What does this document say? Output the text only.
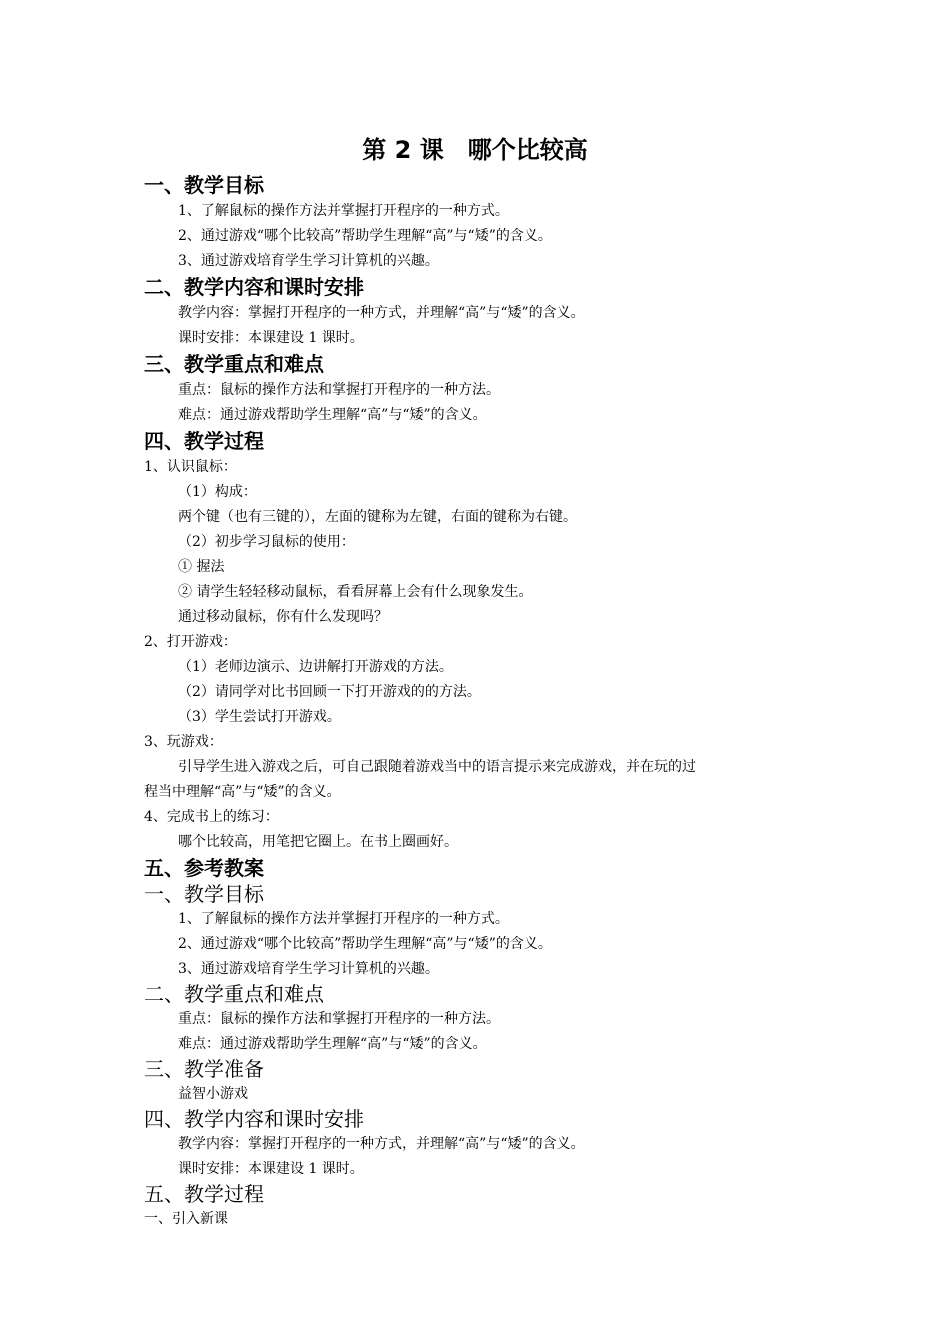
第 2 课　哪个比较高
一、教学目标
1、了解鼠标的操作方法并掌握打开程序的一种方式。
2、通过游戏“哪个比较高”帮助学生理解“高”与“矮”的含义。
3、通过游戏培育学生学习计算机的兴趣。
二、教学内容和课时安排
教学内容：掌握打开程序的一种方式，并理解“高”与“矮”的含义。
课时安排：本课建设 1 课时。
三、教学重点和难点
重点：鼠标的操作方法和掌握打开程序的一种方法。
难点：通过游戏帮助学生理解“高”与“矮”的含义。
四、教学过程
1、认识鼠标：
（1）构成：
两个键（也有三键的），左面的键称为左键，右面的键称为右键。
（2）初步学习鼠标的使用：
① 握法
② 请学生轻轻移动鼠标，看看屏幕上会有什么现象发生。
通过移动鼠标，你有什么发现吗？
2、打开游戏：
（1）老师边演示、边讲解打开游戏的方法。
（2）请同学对比书回顾一下打开游戏的的方法。
（3）学生尝试打开游戏。
3、玩游戏：
引导学生进入游戏之后，可自己跟随着游戏当中的语言提示来完成游戏，并在玩的过
程当中理解“高”与“矮”的含义。
4、完成书上的练习：
哪个比较高，用笔把它圈上。在书上圈画好。
五、参考教案
一、教学目标
1、了解鼠标的操作方法并掌握打开程序的一种方式。
2、通过游戏“哪个比较高”帮助学生理解“高”与“矮”的含义。
3、通过游戏培育学生学习计算机的兴趣。
二、教学重点和难点
重点：鼠标的操作方法和掌握打开程序的一种方法。
难点：通过游戏帮助学生理解“高”与“矮”的含义。
三、教学准备
益智小游戏
四、教学内容和课时安排
教学内容：掌握打开程序的一种方式，并理解“高”与“矮”的含义。
课时安排：本课建设 1 课时。
五、教学过程
一、引入新课
